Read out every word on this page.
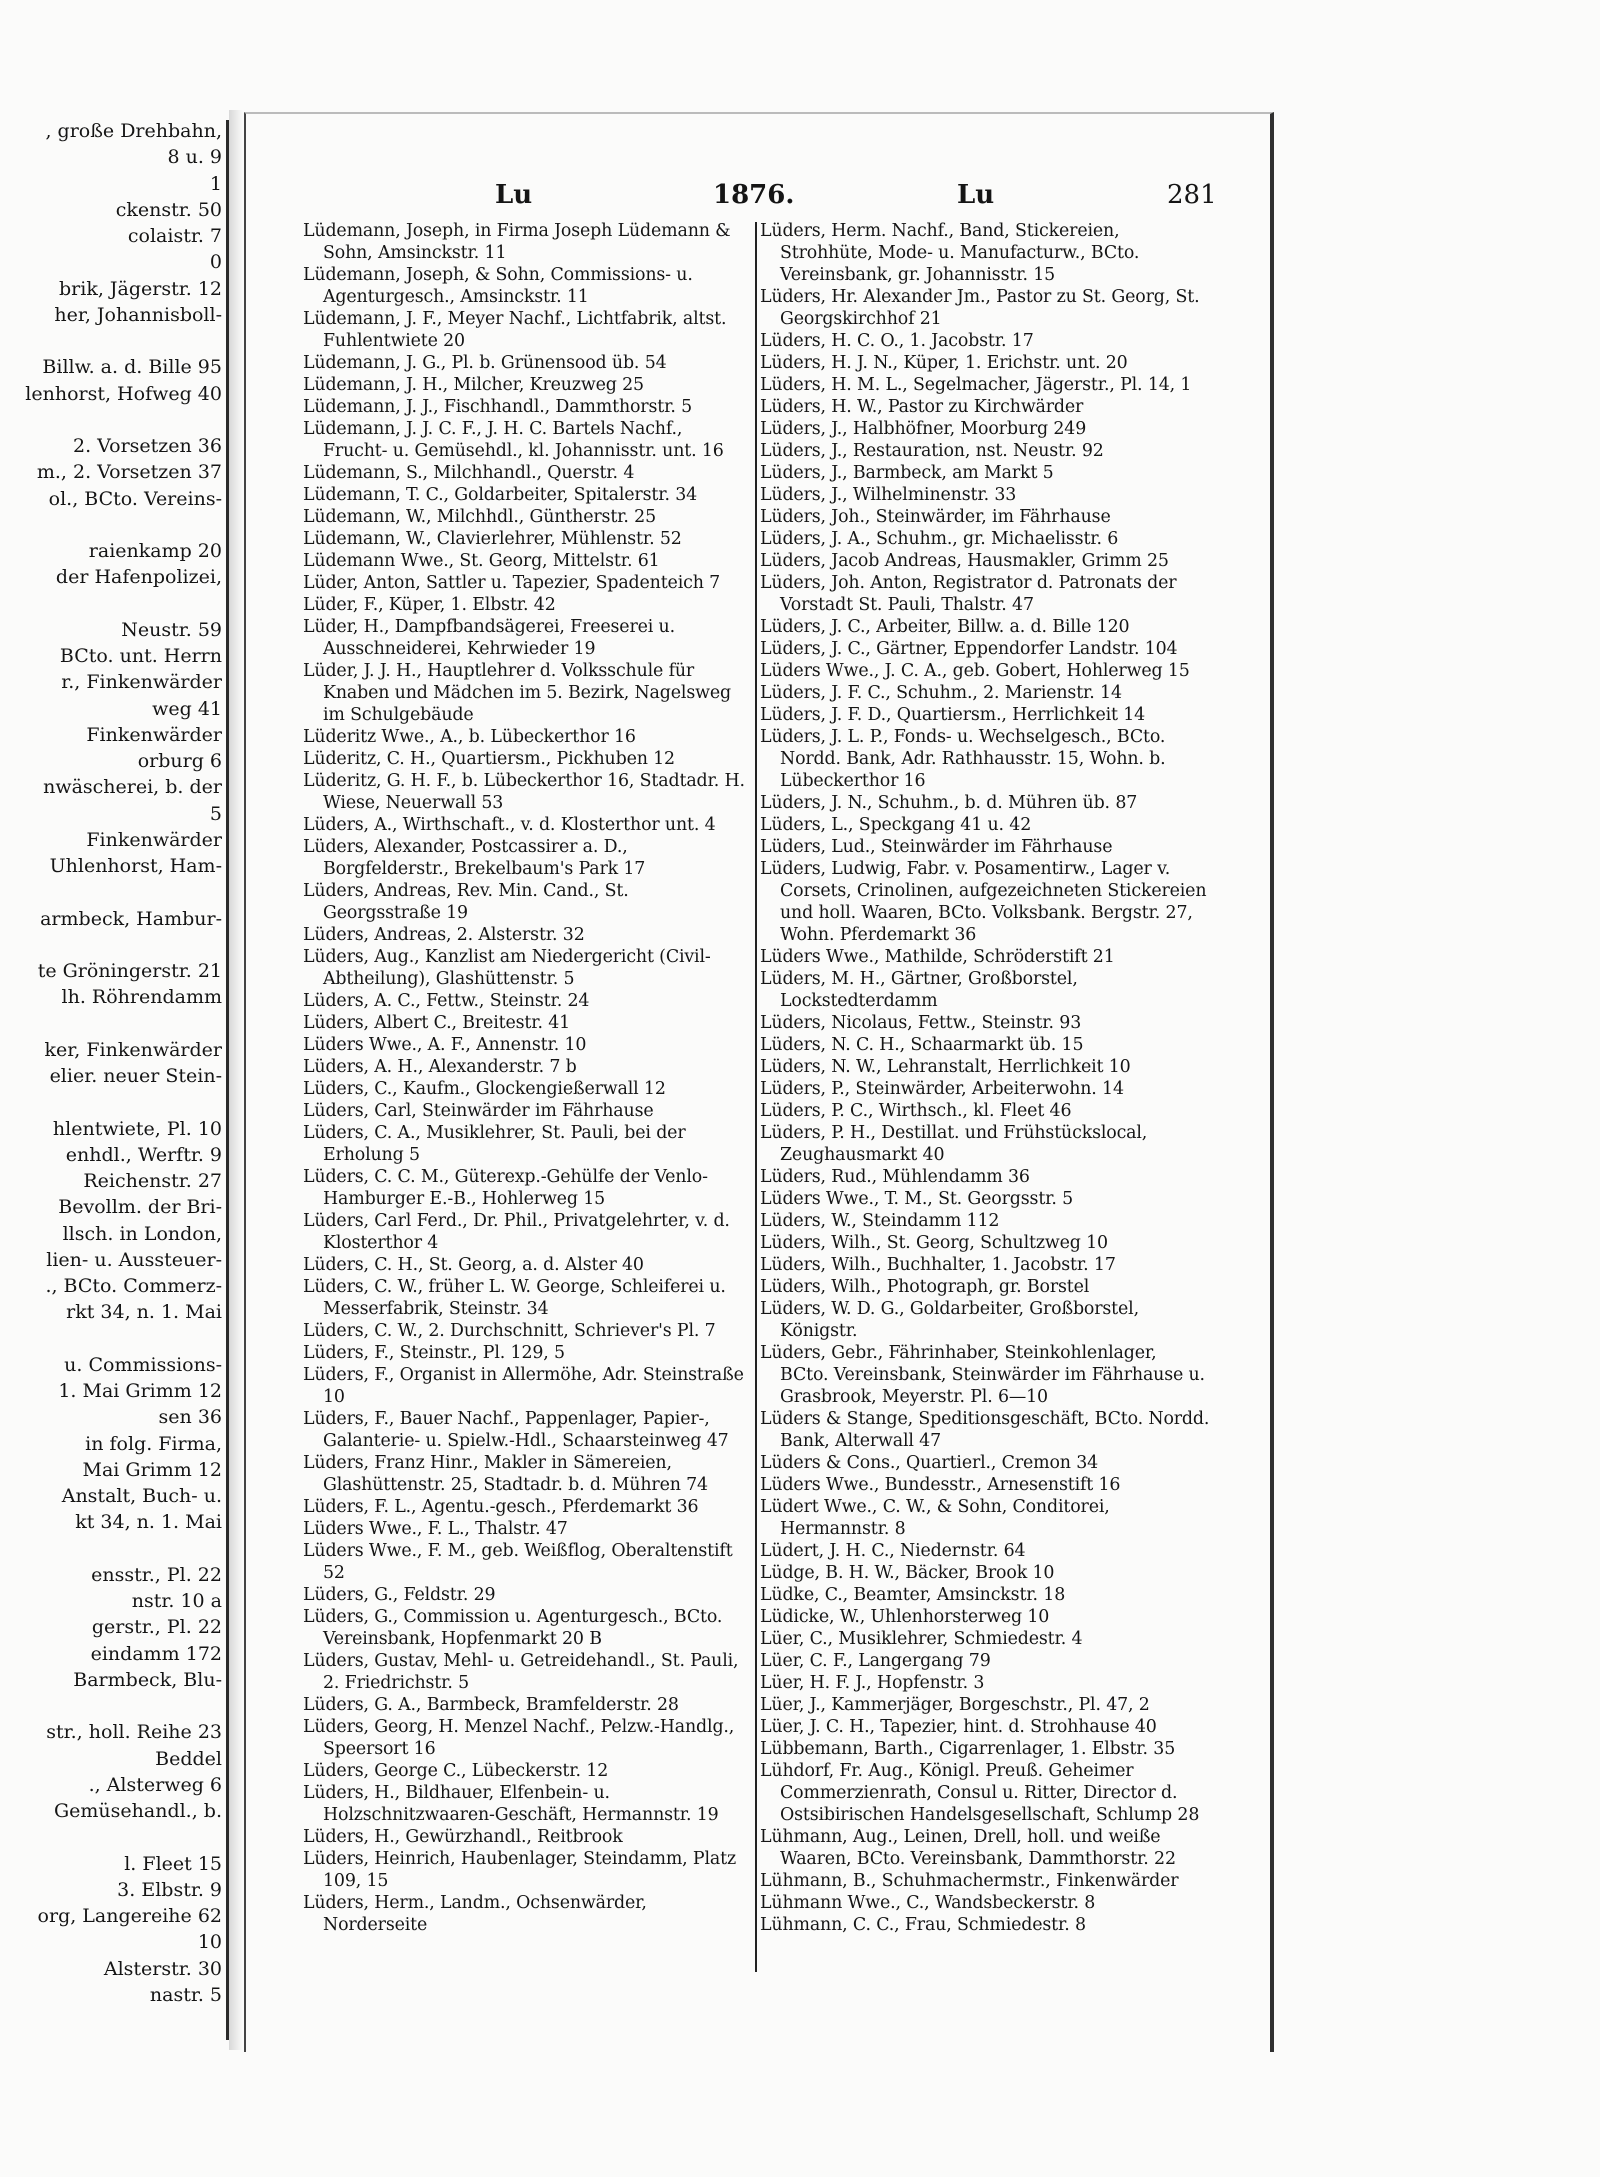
, große Drehbahn,
8 u. 9
1
ckenstr. 50
colaistr. 7
0
brik, Jägerstr. 12
her, Johannisboll-
Billw. a. d. Bille 95
lenhorst, Hofweg 40
2. Vorsetzen 36
m., 2. Vorsetzen 37
ol., BCto. Vereins-
raienkamp 20
der Hafenpolizei,
Neustr. 59
BCto. unt. Herrn
r., Finkenwärder
weg 41
Finkenwärder
orburg 6
nwäscherei, b. der
5
Finkenwärder
Uhlenhorst, Ham-
armbeck, Hambur-
te Gröningerstr. 21
lh. Röhrendamm
ker, Finkenwärder
elier. neuer Stein-
hlentwiete, Pl. 10
enhdl., Werftr. 9
Reichenstr. 27
Bevollm. der Bri-
llsch. in London,
lien- u. Aussteuer-
., BCto. Commerz-
rkt 34, n. 1. Mai
u. Commissions-
1. Mai Grimm 12
sen 36
in folg. Firma,
Mai Grimm 12
Anstalt, Buch- u.
kt 34, n. 1. Mai
ensstr., Pl. 22
nstr. 10 a
gerstr., Pl. 22
eindamm 172
Barmbeck, Blu-
str., holl. Reihe 23
Beddel
., Alsterweg 6
Gemüsehandl., b.
l. Fleet 15
3. Elbstr. 9
org, Langereihe 62
10
Alsterstr. 30
nastr. 5
Lu	1876.	Lu	281

Lüdemann, Joseph, in Firma Joseph Lüdemann & Sohn, Amsinckstr. 11

Lüdemann, Joseph, & Sohn, Commissions- u. Agenturgesch., Amsinckstr. 11

Lüdemann, J. F., Meyer Nachf., Lichtfabrik, altst. Fuhlentwiete 20

Lüdemann, J. G., Pl. b. Grünensood üb. 54

Lüdemann, J. H., Milcher, Kreuzweg 25

Lüdemann, J. J., Fischhandl., Dammthorstr. 5

Lüdemann, J. J. C. F., J. H. C. Bartels Nachf., Frucht- u. Gemüsehdl., kl. Johannisstr. unt. 16

Lüdemann, S., Milchhandl., Querstr. 4

Lüdemann, T. C., Goldarbeiter, Spitalerstr. 34

Lüdemann, W., Milchhdl., Güntherstr. 25

Lüdemann, W., Clavierlehrer, Mühlenstr. 52

Lüdemann Wwe., St. Georg, Mittelstr. 61

Lüder, Anton, Sattler u. Tapezier, Spadenteich 7

Lüder, F., Küper, 1. Elbstr. 42

Lüder, H., Dampfbandsägerei, Freeserei u. Ausschneiderei, Kehrwieder 19

Lüder, J. J. H., Hauptlehrer d. Volksschule für Knaben und Mädchen im 5. Bezirk, Nagelsweg im Schulgebäude

Lüderitz Wwe., A., b. Lübeckerthor 16

Lüderitz, C. H., Quartiersm., Pickhuben 12

Lüderitz, G. H. F., b. Lübeckerthor 16, Stadtadr. H. Wiese, Neuerwall 53

Lüders, A., Wirthschaft., v. d. Klosterthor unt. 4

Lüders, Alexander, Postcassirer a. D., Borgfelderstr., Brekelbaum's Park 17

Lüders, Andreas, Rev. Min. Cand., St. Georgsstraße 19

Lüders, Andreas, 2. Alsterstr. 32

Lüders, Aug., Kanzlist am Niedergericht (Civil-Abtheilung), Glashüttenstr. 5

Lüders, A. C., Fettw., Steinstr. 24

Lüders, Albert C., Breitestr. 41

Lüders Wwe., A. F., Annenstr. 10

Lüders, A. H., Alexanderstr. 7 b

Lüders, C., Kaufm., Glockengießerwall 12

Lüders, Carl, Steinwärder im Fährhause

Lüders, C. A., Musiklehrer, St. Pauli, bei der Erholung 5

Lüders, C. C. M., Güterexp.-Gehülfe der Venlo-Hamburger E.-B., Hohlerweg 15

Lüders, Carl Ferd., Dr. Phil., Privatgelehrter, v. d. Klosterthor 4

Lüders, C. H., St. Georg, a. d. Alster 40

Lüders, C. W., früher L. W. George, Schleiferei u. Messerfabrik, Steinstr. 34

Lüders, C. W., 2. Durchschnitt, Schriever's Pl. 7

Lüders, F., Steinstr., Pl. 129, 5

Lüders, F., Organist in Allermöhe, Adr. Steinstraße 10

Lüders, F., Bauer Nachf., Pappenlager, Papier-, Galanterie- u. Spielw.-Hdl., Schaarsteinweg 47

Lüders, Franz Hinr., Makler in Sämereien, Glashüttenstr. 25, Stadtadr. b. d. Mühren 74

Lüders, F. L., Agentu.-gesch., Pferdemarkt 36

Lüders Wwe., F. L., Thalstr. 47

Lüders Wwe., F. M., geb. Weißflog, Oberaltenstift 52

Lüders, G., Feldstr. 29

Lüders, G., Commission u. Agenturgesch., BCto. Vereinsbank, Hopfenmarkt 20 B

Lüders, Gustav, Mehl- u. Getreidehandl., St. Pauli, 2. Friedrichstr. 5

Lüders, G. A., Barmbeck, Bramfelderstr. 28

Lüders, Georg, H. Menzel Nachf., Pelzw.-Handlg., Speersort 16

Lüders, George C., Lübeckerstr. 12

Lüders, H., Bildhauer, Elfenbein- u. Holzschnitzwaaren-Geschäft, Hermannstr. 19

Lüders, H., Gewürzhandl., Reitbrook

Lüders, Heinrich, Haubenlager, Steindamm, Platz 109, 15

Lüders, Herm., Landm., Ochsenwärder, Norderseite

Lüders, Herm. Nachf., Band, Stickereien, Strohhüte, Mode- u. Manufacturw., BCto. Vereinsbank, gr. Johannisstr. 15

Lüders, Hr. Alexander Jm., Pastor zu St. Georg, St. Georgskirchhof 21

Lüders, H. C. O., 1. Jacobstr. 17

Lüders, H. J. N., Küper, 1. Erichstr. unt. 20

Lüders, H. M. L., Segelmacher, Jägerstr., Pl. 14, 1

Lüders, H. W., Pastor zu Kirchwärder

Lüders, J., Halbhöfner, Moorburg 249

Lüders, J., Restauration, nst. Neustr. 92

Lüders, J., Barmbeck, am Markt 5

Lüders, J., Wilhelminenstr. 33

Lüders, Joh., Steinwärder, im Fährhause

Lüders, J. A., Schuhm., gr. Michaelisstr. 6

Lüders, Jacob Andreas, Hausmakler, Grimm 25

Lüders, Joh. Anton, Registrator d. Patronats der Vorstadt St. Pauli, Thalstr. 47

Lüders, J. C., Arbeiter, Billw. a. d. Bille 120

Lüders, J. C., Gärtner, Eppendorfer Landstr. 104

Lüders Wwe., J. C. A., geb. Gobert, Hohlerweg 15

Lüders, J. F. C., Schuhm., 2. Marienstr. 14

Lüders, J. F. D., Quartiersm., Herrlichkeit 14

Lüders, J. L. P., Fonds- u. Wechselgesch., BCto. Nordd. Bank, Adr. Rathhausstr. 15, Wohn. b. Lübeckerthor 16

Lüders, J. N., Schuhm., b. d. Mühren üb. 87

Lüders, L., Speckgang 41 u. 42

Lüders, Lud., Steinwärder im Fährhause

Lüders, Ludwig, Fabr. v. Posamentirw., Lager v. Corsets, Crinolinen, aufgezeichneten Stickereien und holl. Waaren, BCto. Volksbank. Bergstr. 27, Wohn. Pferdemarkt 36

Lüders Wwe., Mathilde, Schröderstift 21

Lüders, M. H., Gärtner, Großborstel, Lockstedterdamm

Lüders, Nicolaus, Fettw., Steinstr. 93

Lüders, N. C. H., Schaarmarkt üb. 15

Lüders, N. W., Lehranstalt, Herrlichkeit 10

Lüders, P., Steinwärder, Arbeiterwohn. 14

Lüders, P. C., Wirthsch., kl. Fleet 46

Lüders, P. H., Destillat. und Frühstückslocal, Zeughausmarkt 40

Lüders, Rud., Mühlendamm 36

Lüders Wwe., T. M., St. Georgsstr. 5

Lüders, W., Steindamm 112

Lüders, Wilh., St. Georg, Schultzweg 10

Lüders, Wilh., Buchhalter, 1. Jacobstr. 17

Lüders, Wilh., Photograph, gr. Borstel

Lüders, W. D. G., Goldarbeiter, Großborstel, Königstr.

Lüders, Gebr., Fährinhaber, Steinkohlenlager, BCto. Vereinsbank, Steinwärder im Fährhause u. Grasbrook, Meyerstr. Pl. 6—10

Lüders & Stange, Speditionsgeschäft, BCto. Nordd. Bank, Alterwall 47

Lüders & Cons., Quartierl., Cremon 34

Lüders Wwe., Bundesstr., Arnesenstift 16

Lüdert Wwe., C. W., & Sohn, Conditorei, Hermannstr. 8

Lüdert, J. H. C., Niedernstr. 64

Lüdge, B. H. W., Bäcker, Brook 10

Lüdke, C., Beamter, Amsinckstr. 18

Lüdicke, W., Uhlenhorsterweg 10

Lüer, C., Musiklehrer, Schmiedestr. 4

Lüer, C. F., Langergang 79

Lüer, H. F. J., Hopfenstr. 3

Lüer, J., Kammerjäger, Borgeschstr., Pl. 47, 2

Lüer, J. C. H., Tapezier, hint. d. Strohhause 40

Lübbemann, Barth., Cigarrenlager, 1. Elbstr. 35

Lühdorf, Fr. Aug., Königl. Preuß. Geheimer Commerzienrath, Consul u. Ritter, Director d. Ostsibirischen Handelsgesellschaft, Schlump 28

Lühmann, Aug., Leinen, Drell, holl. und weiße Waaren, BCto. Vereinsbank, Dammthorstr. 22

Lühmann, B., Schuhmachermstr., Finkenwärder

Lühmann Wwe., C., Wandsbeckerstr. 8

Lühmann, C. C., Frau, Schmiedestr. 8
